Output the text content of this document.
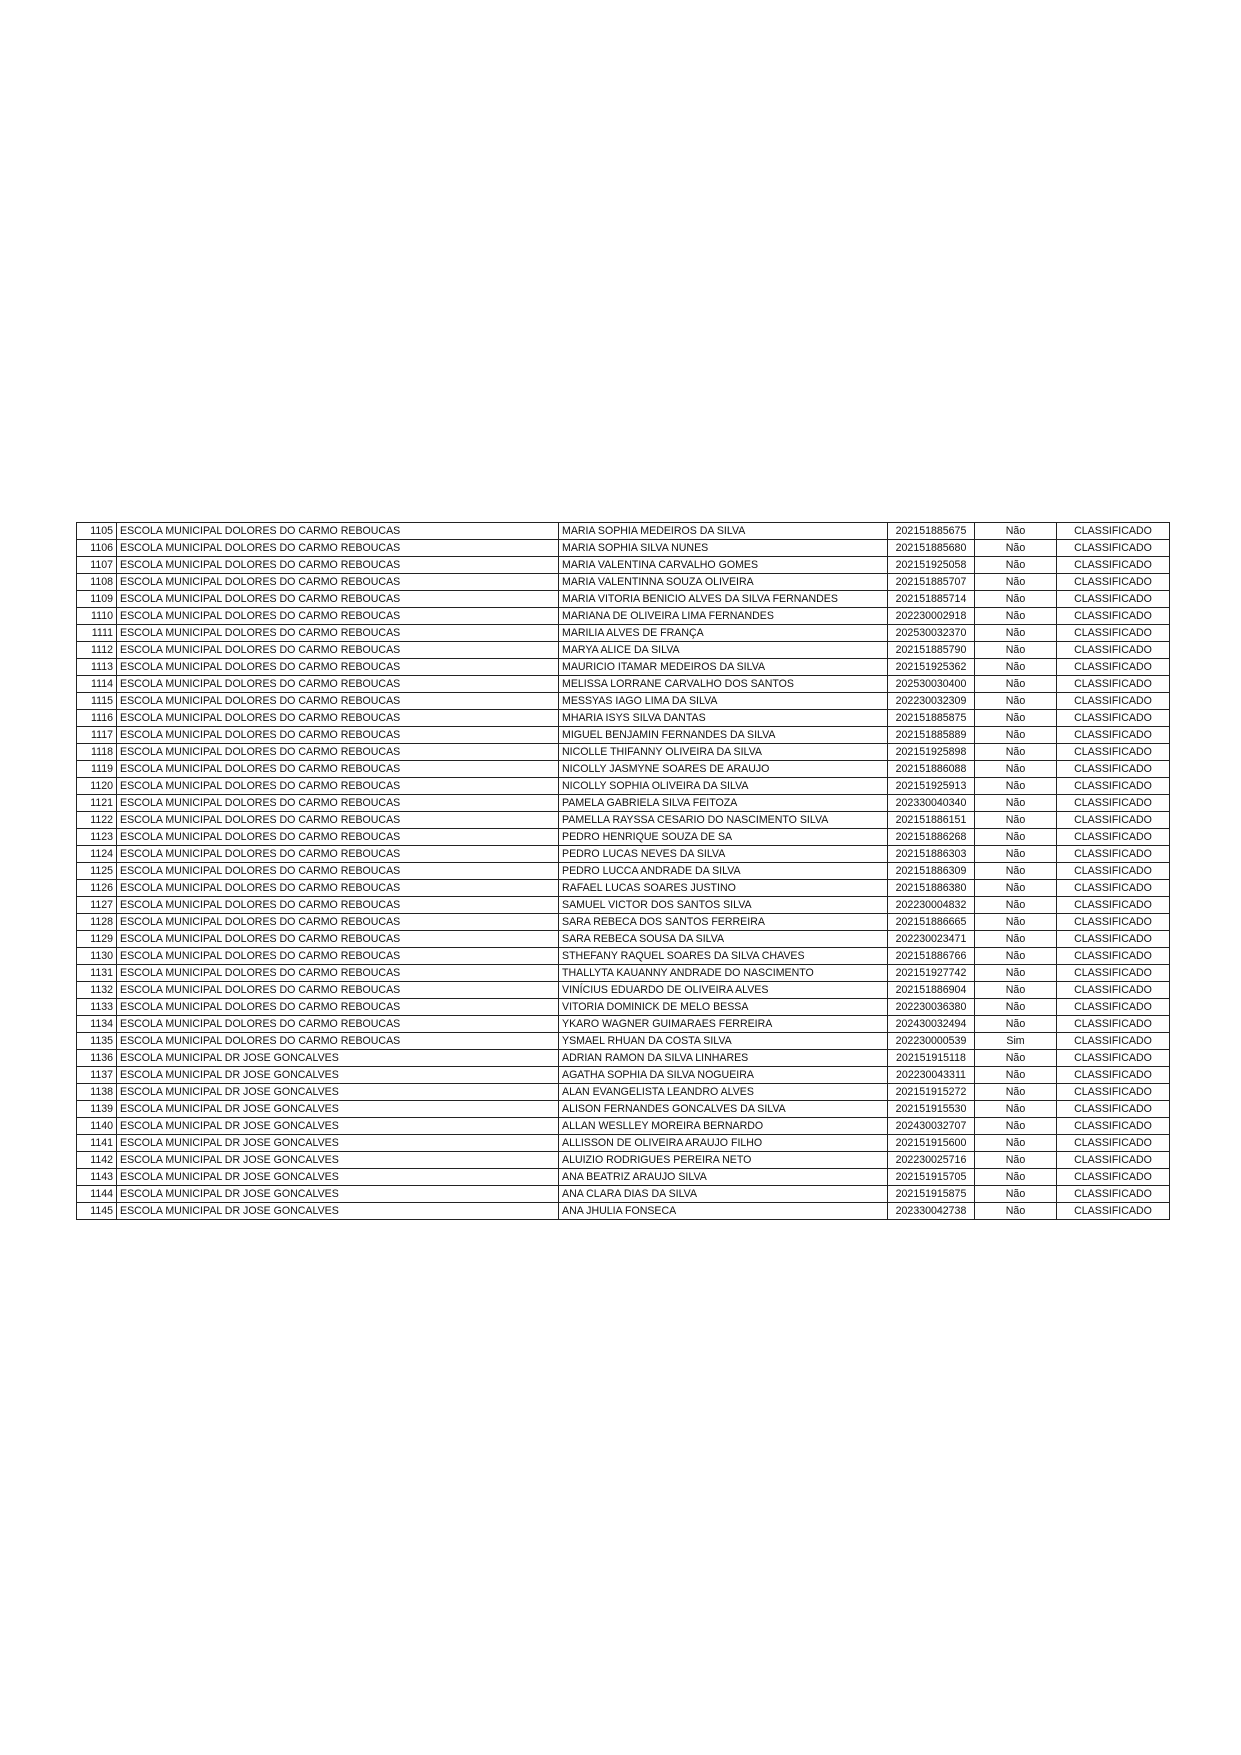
1105	ESCOLA MUNICIPAL DOLORES DO CARMO REBOUCAS	MARIA SOPHIA MEDEIROS DA SILVA	202151885675	Não	CLASSIFICADO
1106	ESCOLA MUNICIPAL DOLORES DO CARMO REBOUCAS	MARIA SOPHIA SILVA NUNES	202151885680	Não	CLASSIFICADO
1107	ESCOLA MUNICIPAL DOLORES DO CARMO REBOUCAS	MARIA VALENTINA CARVALHO GOMES	202151925058	Não	CLASSIFICADO
1108	ESCOLA MUNICIPAL DOLORES DO CARMO REBOUCAS	MARIA VALENTINNA SOUZA OLIVEIRA	202151885707	Não	CLASSIFICADO
1109	ESCOLA MUNICIPAL DOLORES DO CARMO REBOUCAS	MARIA VITORIA BENICIO ALVES DA SILVA FERNANDES	202151885714	Não	CLASSIFICADO
1110	ESCOLA MUNICIPAL DOLORES DO CARMO REBOUCAS	MARIANA DE OLIVEIRA LIMA FERNANDES	202230002918	Não	CLASSIFICADO
1111	ESCOLA MUNICIPAL DOLORES DO CARMO REBOUCAS	MARILIA ALVES DE FRANÇA	202530032370	Não	CLASSIFICADO
1112	ESCOLA MUNICIPAL DOLORES DO CARMO REBOUCAS	MARYA ALICE DA SILVA	202151885790	Não	CLASSIFICADO
1113	ESCOLA MUNICIPAL DOLORES DO CARMO REBOUCAS	MAURICIO ITAMAR MEDEIROS DA SILVA	202151925362	Não	CLASSIFICADO
1114	ESCOLA MUNICIPAL DOLORES DO CARMO REBOUCAS	MELISSA LORRANE CARVALHO DOS SANTOS	202530030400	Não	CLASSIFICADO
1115	ESCOLA MUNICIPAL DOLORES DO CARMO REBOUCAS	MESSYAS IAGO LIMA DA SILVA	202230032309	Não	CLASSIFICADO
1116	ESCOLA MUNICIPAL DOLORES DO CARMO REBOUCAS	MHARIA ISYS SILVA DANTAS	202151885875	Não	CLASSIFICADO
1117	ESCOLA MUNICIPAL DOLORES DO CARMO REBOUCAS	MIGUEL BENJAMIN FERNANDES DA SILVA	202151885889	Não	CLASSIFICADO
1118	ESCOLA MUNICIPAL DOLORES DO CARMO REBOUCAS	NICOLLE THIFANNY OLIVEIRA DA SILVA	202151925898	Não	CLASSIFICADO
1119	ESCOLA MUNICIPAL DOLORES DO CARMO REBOUCAS	NICOLLY JASMYNE SOARES DE ARAUJO	202151886088	Não	CLASSIFICADO
1120	ESCOLA MUNICIPAL DOLORES DO CARMO REBOUCAS	NICOLLY SOPHIA OLIVEIRA DA SILVA	202151925913	Não	CLASSIFICADO
1121	ESCOLA MUNICIPAL DOLORES DO CARMO REBOUCAS	PAMELA GABRIELA SILVA FEITOZA	202330040340	Não	CLASSIFICADO
1122	ESCOLA MUNICIPAL DOLORES DO CARMO REBOUCAS	PAMELLA RAYSSA CESARIO DO NASCIMENTO SILVA	202151886151	Não	CLASSIFICADO
1123	ESCOLA MUNICIPAL DOLORES DO CARMO REBOUCAS	PEDRO HENRIQUE SOUZA DE SA	202151886268	Não	CLASSIFICADO
1124	ESCOLA MUNICIPAL DOLORES DO CARMO REBOUCAS	PEDRO LUCAS NEVES DA SILVA	202151886303	Não	CLASSIFICADO
1125	ESCOLA MUNICIPAL DOLORES DO CARMO REBOUCAS	PEDRO LUCCA ANDRADE DA SILVA	202151886309	Não	CLASSIFICADO
1126	ESCOLA MUNICIPAL DOLORES DO CARMO REBOUCAS	RAFAEL LUCAS SOARES JUSTINO	202151886380	Não	CLASSIFICADO
1127	ESCOLA MUNICIPAL DOLORES DO CARMO REBOUCAS	SAMUEL VICTOR DOS SANTOS SILVA	202230004832	Não	CLASSIFICADO
1128	ESCOLA MUNICIPAL DOLORES DO CARMO REBOUCAS	SARA REBECA DOS SANTOS FERREIRA	202151886665	Não	CLASSIFICADO
1129	ESCOLA MUNICIPAL DOLORES DO CARMO REBOUCAS	SARA REBECA SOUSA DA SILVA	202230023471	Não	CLASSIFICADO
1130	ESCOLA MUNICIPAL DOLORES DO CARMO REBOUCAS	STHEFANY RAQUEL SOARES DA SILVA CHAVES	202151886766	Não	CLASSIFICADO
1131	ESCOLA MUNICIPAL DOLORES DO CARMO REBOUCAS	THALLYTA KAUANNY ANDRADE DO NASCIMENTO	202151927742	Não	CLASSIFICADO
1132	ESCOLA MUNICIPAL DOLORES DO CARMO REBOUCAS	VINÍCIUS EDUARDO DE OLIVEIRA ALVES	202151886904	Não	CLASSIFICADO
1133	ESCOLA MUNICIPAL DOLORES DO CARMO REBOUCAS	VITORIA DOMINICK DE MELO BESSA	202230036380	Não	CLASSIFICADO
1134	ESCOLA MUNICIPAL DOLORES DO CARMO REBOUCAS	YKARO WAGNER GUIMARAES FERREIRA	202430032494	Não	CLASSIFICADO
1135	ESCOLA MUNICIPAL DOLORES DO CARMO REBOUCAS	YSMAEL RHUAN DA COSTA SILVA	202230000539	Sim	CLASSIFICADO
1136	ESCOLA MUNICIPAL DR JOSE GONCALVES	ADRIAN RAMON DA SILVA LINHARES	202151915118	Não	CLASSIFICADO
1137	ESCOLA MUNICIPAL DR JOSE GONCALVES	AGATHA SOPHIA DA SILVA NOGUEIRA	202230043311	Não	CLASSIFICADO
1138	ESCOLA MUNICIPAL DR JOSE GONCALVES	ALAN EVANGELISTA LEANDRO ALVES	202151915272	Não	CLASSIFICADO
1139	ESCOLA MUNICIPAL DR JOSE GONCALVES	ALISON FERNANDES GONCALVES DA SILVA	202151915530	Não	CLASSIFICADO
1140	ESCOLA MUNICIPAL DR JOSE GONCALVES	ALLAN WESLLEY MOREIRA BERNARDO	202430032707	Não	CLASSIFICADO
1141	ESCOLA MUNICIPAL DR JOSE GONCALVES	ALLISSON DE OLIVEIRA ARAUJO FILHO	202151915600	Não	CLASSIFICADO
1142	ESCOLA MUNICIPAL DR JOSE GONCALVES	ALUIZIO RODRIGUES PEREIRA NETO	202230025716	Não	CLASSIFICADO
1143	ESCOLA MUNICIPAL DR JOSE GONCALVES	ANA BEATRIZ ARAUJO SILVA	202151915705	Não	CLASSIFICADO
1144	ESCOLA MUNICIPAL DR JOSE GONCALVES	ANA CLARA DIAS DA SILVA	202151915875	Não	CLASSIFICADO
1145	ESCOLA MUNICIPAL DR JOSE GONCALVES	ANA JHULIA FONSECA	202330042738	Não	CLASSIFICADO
